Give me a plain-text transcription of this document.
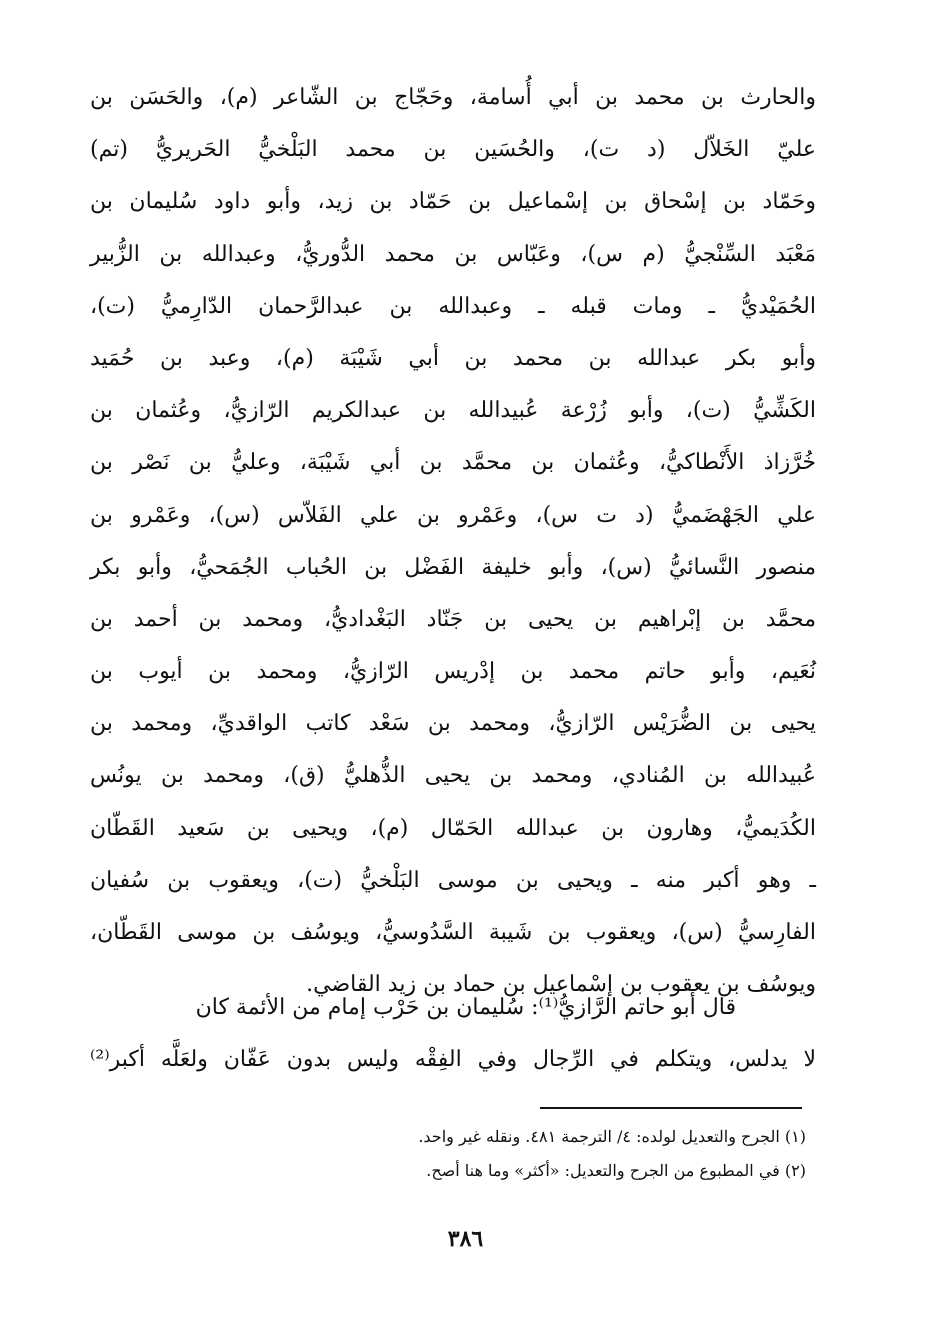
والحارث بن محمد بن أبي أُسامة، وحَجّاج بن الشّاعر (م)، والحَسَن بن
عليّ الخَلاّل (د ت)، والحُسَين بن محمد البَلْخيُّ الحَريريُّ (تم)
وحَمّاد بن إسْحاق بن إسْماعيل بن حَمّاد بن زيد، وأبو داود سُليمان بن
مَعْبَد السِّنْجيُّ (م س)، وعَبّاس بن محمد الدُّوريُّ، وعبدالله بن الزُّبير
الحُمَيْديُّ ـ ومات قبله ـ وعبدالله بن عبدالرَّحمان الدّارِميُّ (ت)،
وأبو بكر عبدالله بن محمد بن أبي شَيْبَة (م)، وعبد بن حُمَيد
الكَشِّيُّ (ت)، وأبو زُرْعة عُبيدالله بن عبدالكريم الرّازيُّ، وعُثمان بن
خُرَّزاذ الأَنْطاكيُّ، وعُثمان بن محمَّد بن أبي شَيْبَة، وعليُّ بن نَصْر بن
علي الجَهْضَميُّ (د ت س)، وعَمْرو بن علي الفَلاّس (س)، وعَمْرو بن
منصور النَّسائيُّ (س)، وأبو خليفة الفَضْل بن الحُباب الجُمَحيُّ، وأبو بكر
محمَّد بن إبْراهيم بن يحيى بن جَنّاد البَغْداديُّ، ومحمد بن أحمد بن
نُعَيم، وأبو حاتم محمد بن إدْريس الرّازيُّ، ومحمد بن أيوب بن
يحيى بن الضُّرَيْس الرّازيُّ، ومحمد بن سَعْد كاتب الواقديِّ، ومحمد بن
عُبيدالله بن المُنادي، ومحمد بن يحيى الذُّهليُّ (ق)، ومحمد بن يونُس
الكُدَيميُّ، وهارون بن عبدالله الحَمّال (م)، ويحيى بن سَعيد القَطّان
ـ وهو أكبر منه ـ ويحيى بن موسى البَلْخيُّ (ت)، ويعقوب بن سُفيان
الفارِسيُّ (س)، ويعقوب بن شَيبة السَّدُوسيُّ، ويوسُف بن موسى القَطّان،
ويوسُف بن يعقوب بن إسْماعيل بن حماد بن زيد القاضي.
قال أبو حاتم الرَّازيُّ⁽¹⁾: سُليمان بن حَرْب إمام من الأئمة كان
لا يدلس، ويتكلم في الرِّجال وفي الفِقْه وليس بدون عَفّان ولعَلَّه أكبر⁽²⁾
(١) الجرح والتعديل لولده: ٤/ الترجمة ٤٨١. ونقله غير واحد.
(٢) في المطبوع من الجرح والتعديل: «أكثر» وما هنا أصح.
٣٨٦
